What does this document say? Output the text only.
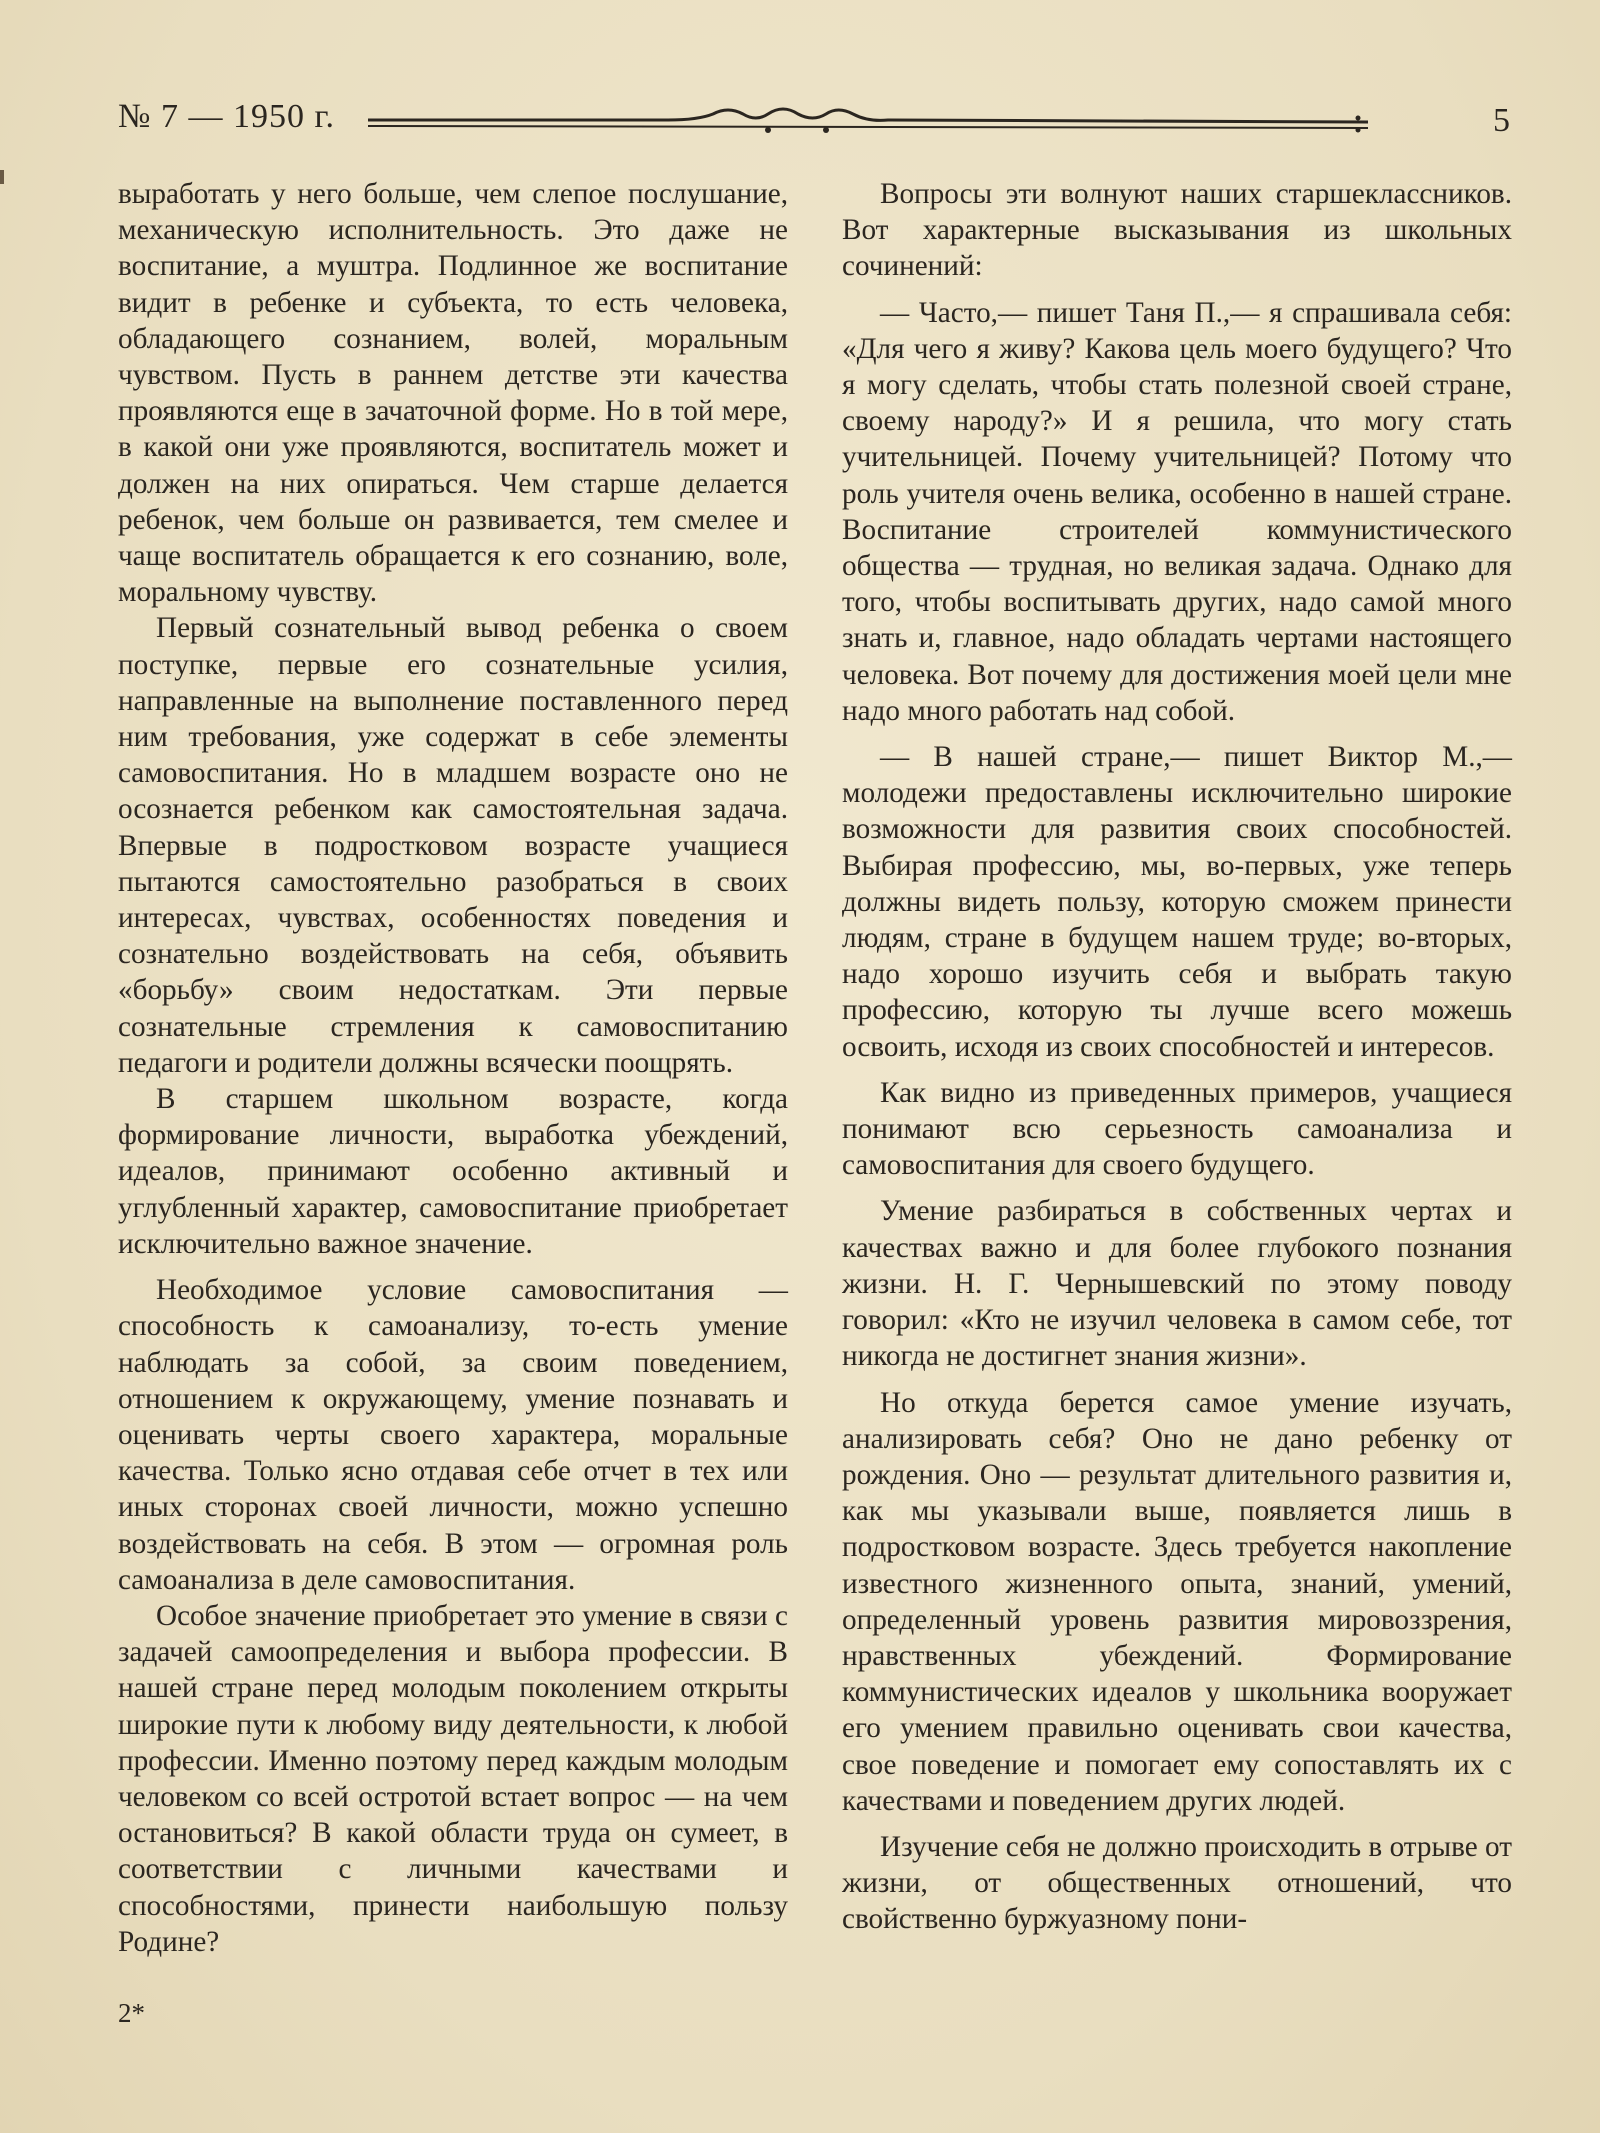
№ 7 — 1950 г.	5

выработать у него больше, чем слепое послушание, механическую исполнительность. Это даже не воспитание, а муштра. Подлинное же воспитание видит в ребенке и субъекта, то есть человека, обладающего сознанием, волей, моральным чувством. Пусть в раннем детстве эти качества проявляются еще в зачаточной форме. Но в той мере, в какой они уже проявляются, воспитатель может и должен на них опираться. Чем старше делается ребенок, чем больше он развивается, тем смелее и чаще воспитатель обращается к его сознанию, воле, моральному чувству.

Первый сознательный вывод ребенка о своем поступке, первые его сознательные усилия, направленные на выполнение поставленного перед ним требования, уже содержат в себе элементы самовоспитания. Но в младшем возрасте оно не осознается ребенком как самостоятельная задача. Впервые в подростковом возрасте учащиеся пытаются самостоятельно разобраться в своих интересах, чувствах, особенностях поведения и сознательно воздействовать на себя, объявить «борьбу» своим недостаткам. Эти первые сознательные стремления к самовоспитанию педагоги и родители должны всячески поощрять.

В старшем школьном возрасте, когда формирование личности, выработка убеждений, идеалов, принимают особенно активный и углубленный характер, самовоспитание приобретает исключительно важное значение.

Необходимое условие самовоспитания — способность к самоанализу, то-есть умение наблюдать за собой, за своим поведением, отношением к окружающему, умение познавать и оценивать черты своего характера, моральные качества. Только ясно отдавая себе отчет в тех или иных сторонах своей личности, можно успешно воздействовать на себя. В этом — огромная роль самоанализа в деле самовоспитания.

Особое значение приобретает это умение в связи с задачей самоопределения и выбора профессии. В нашей стране перед молодым поколением открыты широкие пути к любому виду деятельности, к любой профессии. Именно поэтому перед каждым молодым человеком со всей остротой встает вопрос — на чем остановиться? В какой области труда он сумеет, в соответствии с личными качествами и способностями, принести наибольшую пользу Родине?

Вопросы эти волнуют наших старшеклассников. Вот характерные высказывания из школьных сочинений:

— Часто,— пишет Таня П.,— я спрашивала себя: «Для чего я живу? Какова цель моего будущего? Что я могу сделать, чтобы стать полезной своей стране, своему народу?» И я решила, что могу стать учительницей. Почему учительницей? Потому что роль учителя очень велика, особенно в нашей стране. Воспитание строителей коммунистического общества — трудная, но великая задача. Однако для того, чтобы воспитывать других, надо самой много знать и, главное, надо обладать чертами настоящего человека. Вот почему для достижения моей цели мне надо много работать над собой.

— В нашей стране,— пишет Виктор М.,— молодежи предоставлены исключительно широкие возможности для развития своих способностей. Выбирая профессию, мы, во-первых, уже теперь должны видеть пользу, которую сможем принести людям, стране в будущем нашем труде; во-вторых, надо хорошо изучить себя и выбрать такую профессию, которую ты лучше всего можешь освоить, исходя из своих способностей и интересов.

Как видно из приведенных примеров, учащиеся понимают всю серьезность самоанализа и самовоспитания для своего будущего.

Умение разбираться в собственных чертах и качествах важно и для более глубокого познания жизни. Н. Г. Чернышевский по этому поводу говорил: «Кто не изучил человека в самом себе, тот никогда не достигнет знания жизни».

Но откуда берется самое умение изучать, анализировать себя? Оно не дано ребенку от рождения. Оно — результат длительного развития и, как мы указывали выше, появляется лишь в подростковом возрасте. Здесь требуется накопление известного жизненного опыта, знаний, умений, определенный уровень развития мировоззрения, нравственных убеждений. Формирование коммунистических идеалов у школьника вооружает его умением правильно оценивать свои качества, свое поведение и помогает ему сопоставлять их с качествами и поведением других людей.

Изучение себя не должно происходить в отрыве от жизни, от общественных отношений, что свойственно буржуазному пони-

2*
